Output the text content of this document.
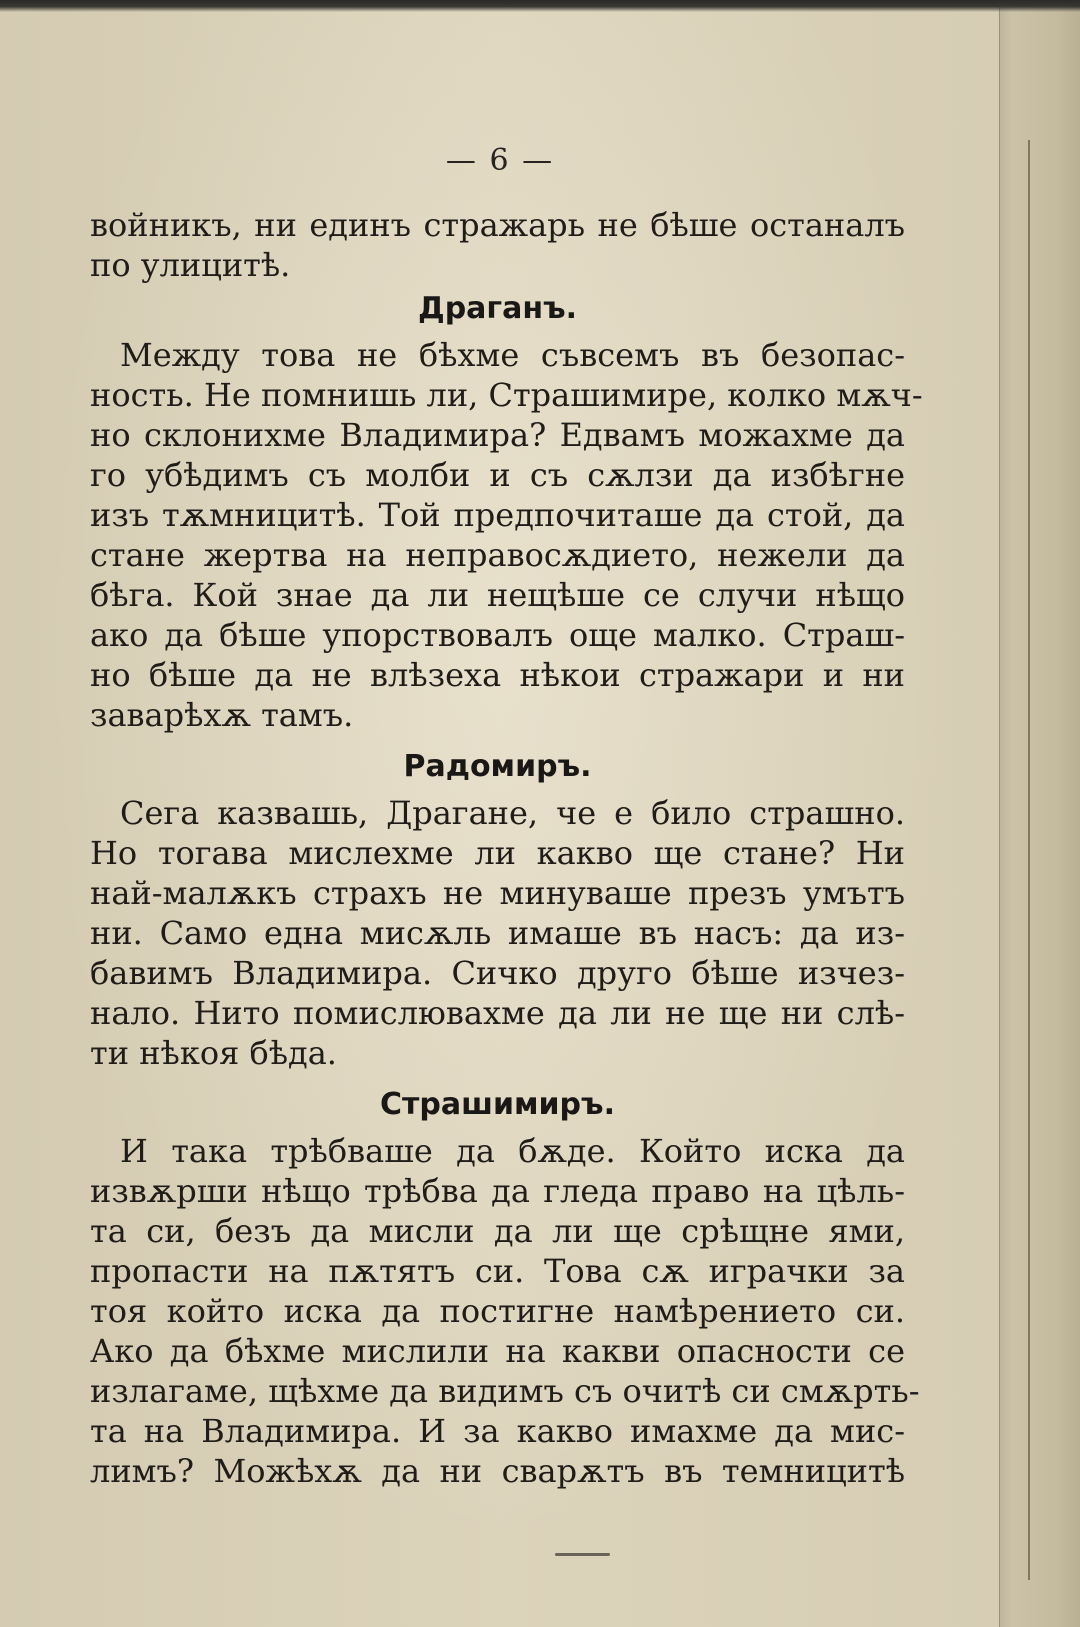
— 6 —
войникъ, ни единъ стражарь не бѣше останалъ
по улицитѣ.
Драганъ.
Между това не бѣхме съвсемъ въ безопас-
ность. Не помнишь ли, Страшимире, колко мѫч-
но склонихме Владимира? Едвамъ можахме да
го убѣдимъ съ молби и съ сѫлзи да избѣгне
изъ тѫмницитѣ. Той предпочиташе да стой, да
стане жертва на неправосѫдието, нежели да
бѣга. Кой знае да ли нещѣше се случи нѣщо
ако да бѣше упорствовалъ още малко. Страш-
но бѣше да не влѣзеха нѣкои стражари и ни
заварѣхѫ тамъ.
Радомиръ.
Сега казвашь, Драгане, че е било страшно.
Но тогава мислехме ли какво ще стане? Ни
най-малѫкъ страхъ не минуваше презъ умътъ
ни. Само една мисѫль имаше въ насъ: да из-
бавимъ Владимира. Сичко друго бѣше изчез-
нало. Нито помислювахме да ли не ще ни слѣ-
ти нѣкоя бѣда.
Страшимиръ.
И така трѣбваше да бѫде. Който иска да
извѫрши нѣщо трѣбва да гледа право на цѣль-
та си, безъ да мисли да ли ще срѣщне ями,
пропасти на пѫтятъ си. Това сѫ играчки за
тоя който иска да постигне намѣрението си.
Ако да бѣхме мислили на какви опасности се
излагаме, щѣхме да видимъ съ очитѣ си смѫрть-
та на Владимира. И за какво имахме да мис-
лимъ? Можѣхѫ да ни сварѫтъ въ темницитѣ
